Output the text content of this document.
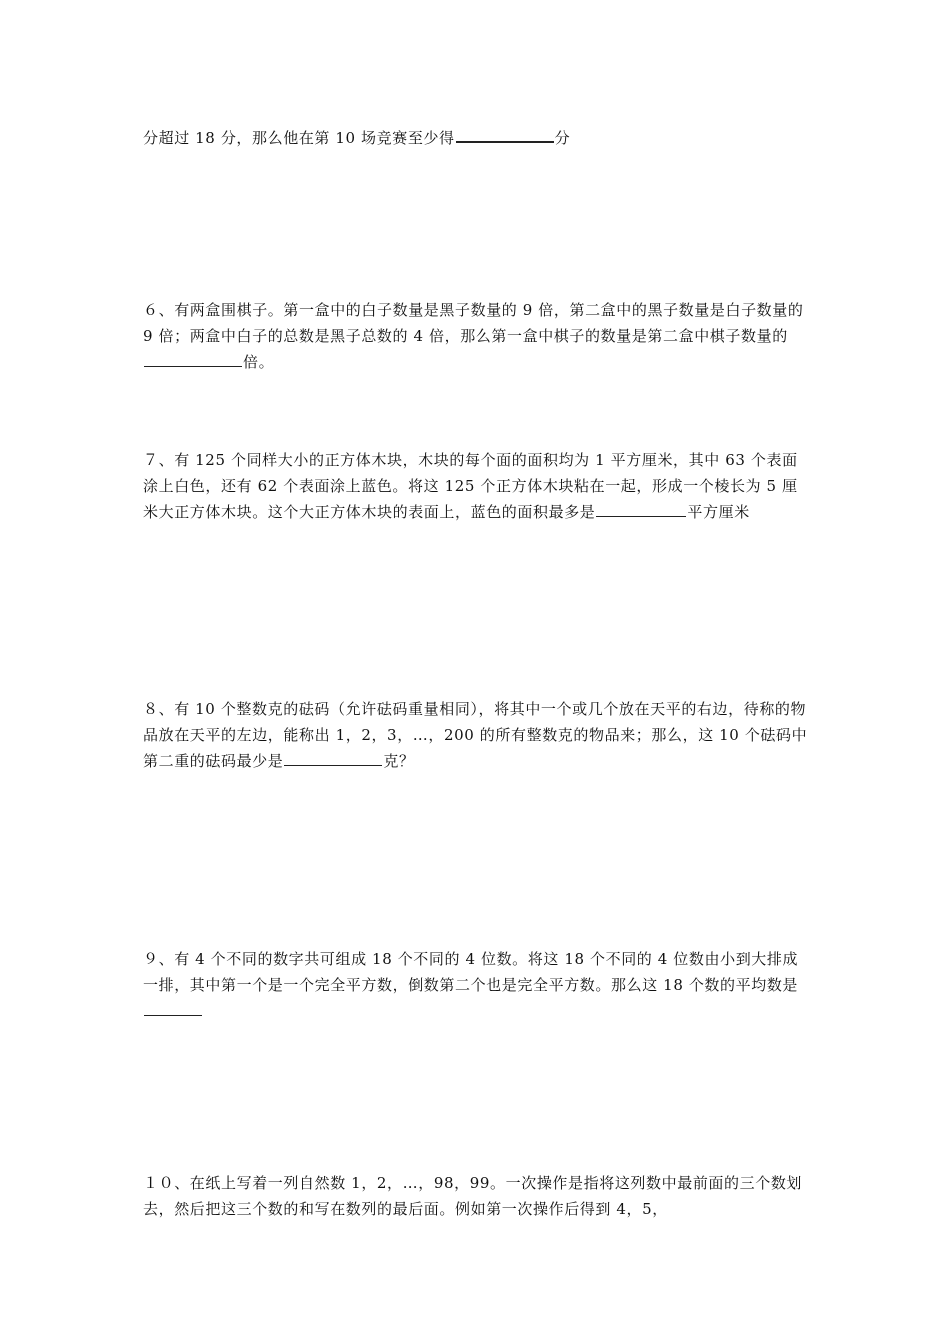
分超过 18 分，那么他在第 10 场竞赛至少得	分

６、有两盒围棋子。第一盒中的白子数量是黑子数量的 9 倍，第二盒中的黑子数量是白子数量的 9 倍；两盒中白子的总数是黑子总数的 4 倍，那么第一盒中棋子的数量是第二盒中棋子数量的倍。

７、有 125 个同样大小的正方体木块，木块的每个面的面积均为 1 平方厘米，其中 63 个表面涂上白色，还有 62 个表面涂上蓝色。将这 125 个正方体木块粘在一起，形成一个棱长为 5 厘米大正方体木块。这个大正方体木块的表面上，蓝色的面积最多是	平方厘米

８、有 10 个整数克的砝码（允许砝码重量相同），将其中一个或几个放在天平的右边，待称的物品放在天平的左边，能称出 1，2，3，…，200 的所有整数克的物品来；那么，这 10 个砝码中第二重的砝码最少是	克？

９、有 4 个不同的数字共可组成 18 个不同的 4 位数。将这 18 个不同的 4 位数由小到大排成一排，其中第一个是一个完全平方数，倒数第二个也是完全平方数。那么这 18 个数的平均数是

１０、在纸上写着一列自然数 1，2，…，98，99。一次操作是指将这列数中最前面的三个数划去，然后把这三个数的和写在数列的最后面。例如第一次操作后得到 4，5，
